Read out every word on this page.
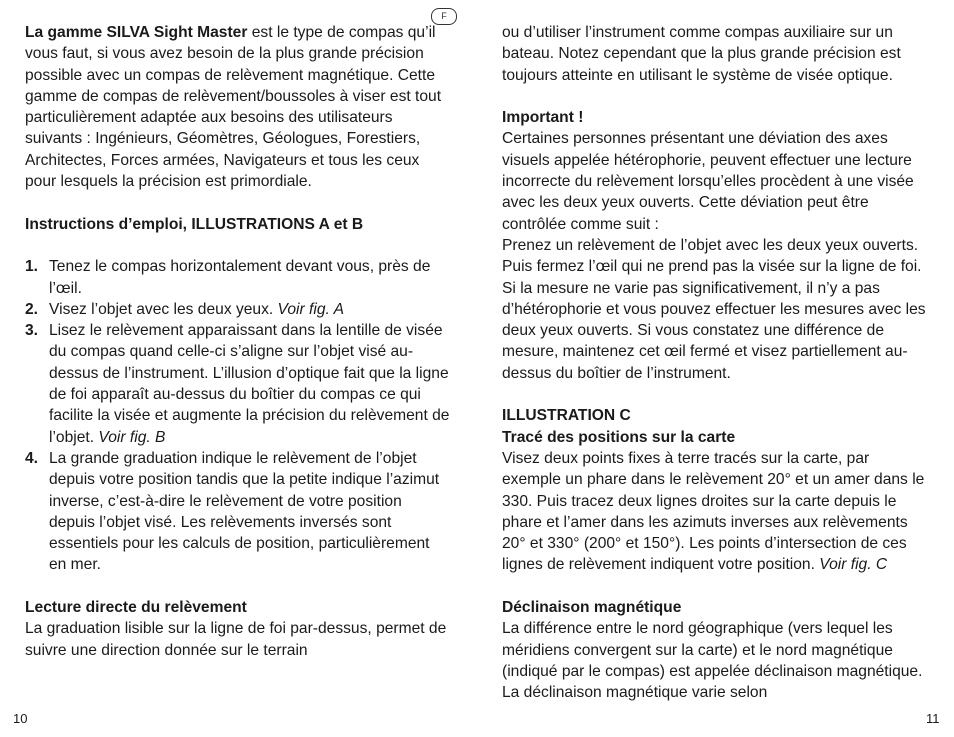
F

La gamme SILVA Sight Master est le type de compas qu’il vous faut, si vous avez besoin de la plus grande précision possible avec un compas de relèvement magnétique. Cette gamme de compas de relèvement/boussoles à viser est tout particulièrement adaptée aux besoins des utilisateurs suivants : Ingénieurs, Géomètres, Géologues, Forestiers, Architectes, Forces armées, Navigateurs et tous les ceux pour lesquels la précision est primordiale.

Instructions d’emploi, ILLUSTRATIONS A et B

1. Tenez le compas horizontalement devant vous, près de l’œil.
2. Visez l’objet avec les deux yeux. Voir fig. A
3. Lisez le relèvement apparaissant dans la lentille de visée du compas quand celle-ci s’aligne sur l’objet visé au-dessus de l’instrument. L’illusion d’optique fait que la ligne de foi apparaît au-dessus du boîtier du compas ce qui facilite la visée et augmente la précision du relèvement de l’objet. Voir fig. B
4. La grande graduation indique le relèvement de l’objet depuis votre position tandis que la petite indique l’azimut inverse, c’est-à-dire le relèvement de votre position depuis l’objet visé. Les relèvements inversés sont essentiels pour les calculs de position, particulièrement en mer.

Lecture directe du relèvement

La graduation lisible sur la ligne de foi par-dessus, permet de suivre une direction donnée sur le terrain

ou d’utiliser l’instrument comme compas auxiliaire sur un bateau. Notez cependant que la plus grande précision est toujours atteinte en utilisant le système de visée optique.

Important !

Certaines personnes présentant une déviation des axes visuels appelée hétérophorie, peuvent effectuer une lecture incorrecte du relèvement lorsqu’elles procèdent à une visée avec les deux yeux ouverts. Cette déviation peut être contrôlée comme suit :

Prenez un relèvement de l’objet avec les deux yeux ouverts. Puis fermez l’œil qui ne prend pas la visée sur la ligne de foi. Si la mesure ne varie pas significativement, il n’y a pas d’hétérophorie et vous pouvez effectuer les mesures avec les deux yeux ouverts. Si vous constatez une différence de mesure, maintenez cet œil fermé et visez partiellement au-dessus du boîtier de l’instrument.

ILLUSTRATION C

Tracé des positions sur la carte

Visez deux points fixes à terre tracés sur la carte, par exemple un phare dans le relèvement 20° et un amer dans le 330. Puis tracez deux lignes droites sur la carte depuis le phare et l’amer dans les azimuts inverses aux relèvements 20° et 330° (200° et 150°). Les points d’intersection de ces lignes de relèvement indiquent votre position. Voir fig. C

Déclinaison magnétique

La différence entre le nord géographique (vers lequel les méridiens convergent sur la carte) et le nord magnétique (indiqué par le compas) est appelée déclinaison magnétique. La déclinaison magnétique varie selon

10	11
